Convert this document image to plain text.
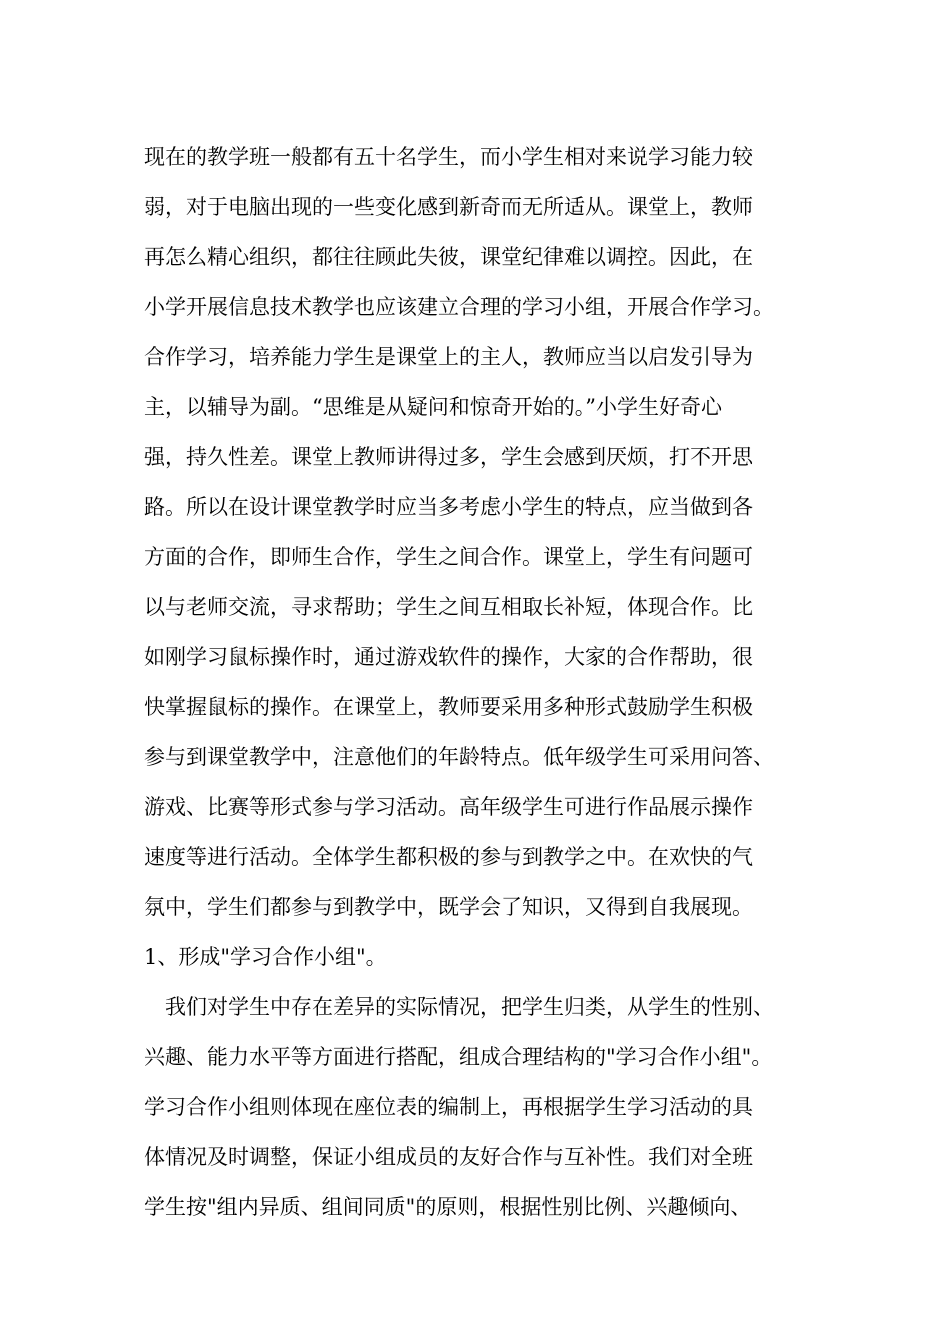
现在的教学班一般都有五十名学生，而小学生相对来说学习能力较
弱，对于电脑出现的一些变化感到新奇而无所适从。课堂上，教师
再怎么精心组织，都往往顾此失彼，课堂纪律难以调控。因此，在
小学开展信息技术教学也应该建立合理的学习小组，开展合作学习。
合作学习，培养能力学生是课堂上的主人，教师应当以启发引导为
主，以辅导为副。“思维是从疑问和惊奇开始的。”小学生好奇心
强，持久性差。课堂上教师讲得过多，学生会感到厌烦，打不开思
路。所以在设计课堂教学时应当多考虑小学生的特点，应当做到各
方面的合作，即师生合作，学生之间合作。课堂上，学生有问题可
以与老师交流，寻求帮助；学生之间互相取长补短，体现合作。比
如刚学习鼠标操作时，通过游戏软件的操作，大家的合作帮助，很
快掌握鼠标的操作。在课堂上，教师要采用多种形式鼓励学生积极
参与到课堂教学中，注意他们的年龄特点。低年级学生可采用问答、
游戏、比赛等形式参与学习活动。高年级学生可进行作品展示操作
速度等进行活动。全体学生都积极的参与到教学之中。在欢快的气
氛中，学生们都参与到教学中，既学会了知识，又得到自我展现。
1、形成"学习合作小组"。
我们对学生中存在差异的实际情况，把学生归类，从学生的性别、
兴趣、能力水平等方面进行搭配，组成合理结构的"学习合作小组"。
学习合作小组则体现在座位表的编制上，再根据学生学习活动的具
体情况及时调整，保证小组成员的友好合作与互补性。我们对全班
学生按"组内异质、组间同质"的原则，根据性别比例、兴趣倾向、
